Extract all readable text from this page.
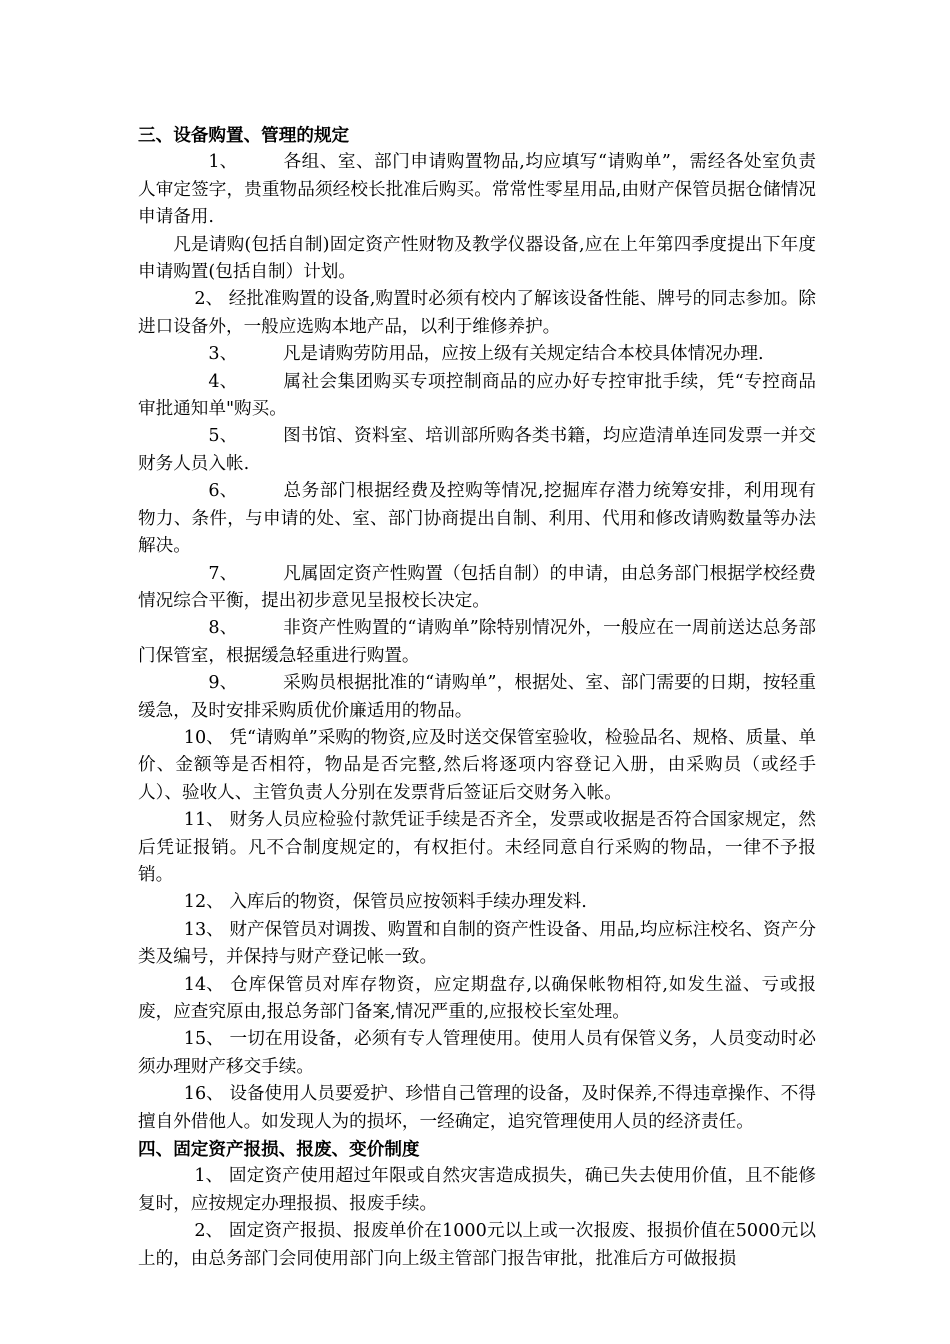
三、设备购置、管理的规定

1、	各组、室、部门申请购置物品,均应填写“请购单”，需经各处室负责人审定签字，贵重物品须经校长批准后购买。常常性零星用品,由财产保管员据仓储情况申请备用.

凡是请购(包括自制)固定资产性财物及教学仪器设备,应在上年第四季度提出下年度申请购置(包括自制）计划。

2、 经批准购置的设备,购置时必须有校内了解该设备性能、牌号的同志参加。除进口设备外，一般应选购本地产品，以利于维修养护。

3、	凡是请购劳防用品，应按上级有关规定结合本校具体情况办理.

4、	属社会集团购买专项控制商品的应办好专控审批手续，凭“专控商品审批通知单"购买。

5、	图书馆、资料室、培训部所购各类书籍，均应造清单连同发票一并交财务人员入帐.

6、	总务部门根据经费及控购等情况,挖掘库存潜力统筹安排，利用现有物力、条件，与申请的处、室、部门协商提出自制、利用、代用和修改请购数量等办法解决。

7、	凡属固定资产性购置（包括自制）的申请，由总务部门根据学校经费情况综合平衡，提出初步意见呈报校长决定。

8、	非资产性购置的“请购单”除特别情况外，一般应在一周前送达总务部门保管室，根据缓急轻重进行购置。

9、	采购员根据批准的“请购单”，根据处、室、部门需要的日期，按轻重缓急，及时安排采购质优价廉适用的物品。

10、 凭“请购单”采购的物资,应及时送交保管室验收，检验品名、规格、质量、单价、金额等是否相符，物品是否完整,然后将逐项内容登记入册，由采购员（或经手人）、验收人、主管负责人分别在发票背后签证后交财务入帐。

11、 财务人员应检验付款凭证手续是否齐全，发票或收据是否符合国家规定，然后凭证报销。凡不合制度规定的，有权拒付。未经同意自行采购的物品，一律不予报销。

12、 入库后的物资，保管员应按领料手续办理发料.

13、 财产保管员对调拨、购置和自制的资产性设备、用品,均应标注校名、资产分类及编号，并保持与财产登记帐一致。

14、 仓库保管员对库存物资，应定期盘存,以确保帐物相符,如发生溢、亏或报废，应查究原由,报总务部门备案,情况严重的,应报校长室处理。

15、 一切在用设备，必须有专人管理使用。使用人员有保管义务，人员变动时必须办理财产移交手续。

16、 设备使用人员要爱护、珍惜自己管理的设备，及时保养,不得违章操作、不得擅自外借他人。如发现人为的损坏，一经确定，追究管理使用人员的经济责任。

四、固定资产报损、报废、变价制度

1、 固定资产使用超过年限或自然灾害造成损失，确已失去使用价值，且不能修复时，应按规定办理报损、报废手续。

2、 固定资产报损、报废单价在1000元以上或一次报废、报损价值在5000元以上的，由总务部门会同使用部门向上级主管部门报告审批，批准后方可做报损
